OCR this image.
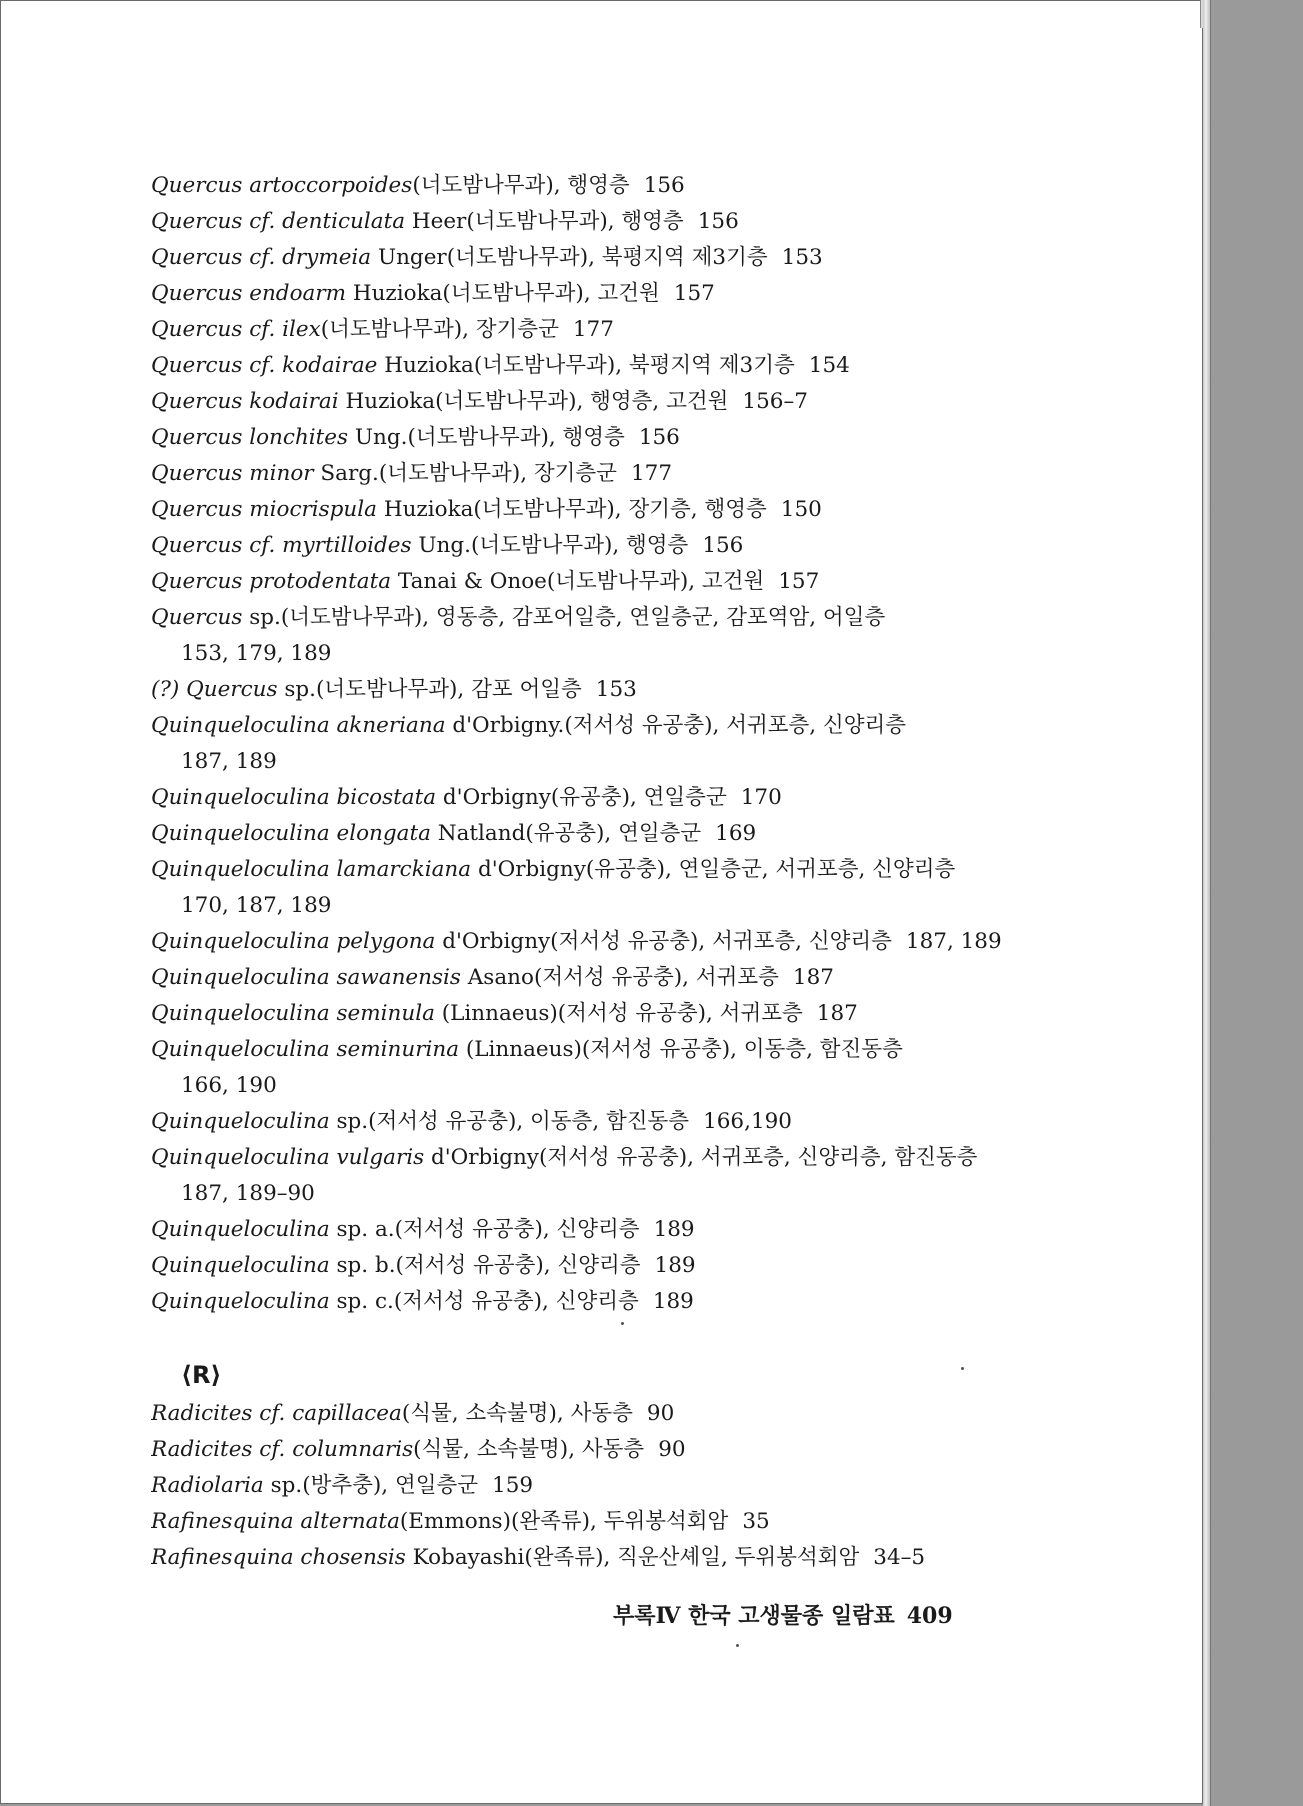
Quercus artoccorpoides(너도밤나무과), 행영층 156
Quercus cf. denticulata Heer(너도밤나무과), 행영층 156
Quercus cf. drymeia Unger(너도밤나무과), 북평지역 제3기층 153
Quercus endoarm Huzioka(너도밤나무과), 고건원 157
Quercus cf. ilex(너도밤나무과), 장기층군 177
Quercus cf. kodairae Huzioka(너도밤나무과), 북평지역 제3기층 154
Quercus kodairai Huzioka(너도밤나무과), 행영층, 고건원 156–7
Quercus lonchites Ung.(너도밤나무과), 행영층 156
Quercus minor Sarg.(너도밤나무과), 장기층군 177
Quercus miocrispula Huzioka(너도밤나무과), 장기층, 행영층 150
Quercus cf. myrtilloides Ung.(너도밤나무과), 행영층 156
Quercus protodentata Tanai & Onoe(너도밤나무과), 고건원 157
Quercus sp.(너도밤나무과), 영동층, 감포어일층, 연일층군, 감포역암, 어일층
153, 179, 189
(?) Quercus sp.(너도밤나무과), 감포 어일층 153
Quinqueloculina akneriana d'Orbigny.(저서성 유공충), 서귀포층, 신양리층
187, 189
Quinqueloculina bicostata d'Orbigny(유공충), 연일층군 170
Quinqueloculina elongata Natland(유공충), 연일층군 169
Quinqueloculina lamarckiana d'Orbigny(유공충), 연일층군, 서귀포층, 신양리층
170, 187, 189
Quinqueloculina pelygona d'Orbigny(저서성 유공충), 서귀포층, 신양리층 187, 189
Quinqueloculina sawanensis Asano(저서성 유공충), 서귀포층 187
Quinqueloculina seminula (Linnaeus)(저서성 유공충), 서귀포층 187
Quinqueloculina seminurina (Linnaeus)(저서성 유공충), 이동층, 함진동층
166, 190
Quinqueloculina sp.(저서성 유공충), 이동층, 함진동층 166,190
Quinqueloculina vulgaris d'Orbigny(저서성 유공충), 서귀포층, 신양리층, 함진동층
187, 189–90
Quinqueloculina sp. a.(저서성 유공충), 신양리층 189
Quinqueloculina sp. b.(저서성 유공충), 신양리층 189
Quinqueloculina sp. c.(저서성 유공충), 신양리층 189
⟨R⟩
Radicites cf. capillacea(식물, 소속불명), 사동층 90
Radicites cf. columnaris(식물, 소속불명), 사동층 90
Radiolaria sp.(방추충), 연일층군 159
Rafinesquina alternata(Emmons)(완족류), 두위봉석회암 35
Rafinesquina chosensis Kobayashi(완족류), 직운산셰일, 두위봉석회암 34–5
부록Ⅳ 한국 고생물종 일람표 409
